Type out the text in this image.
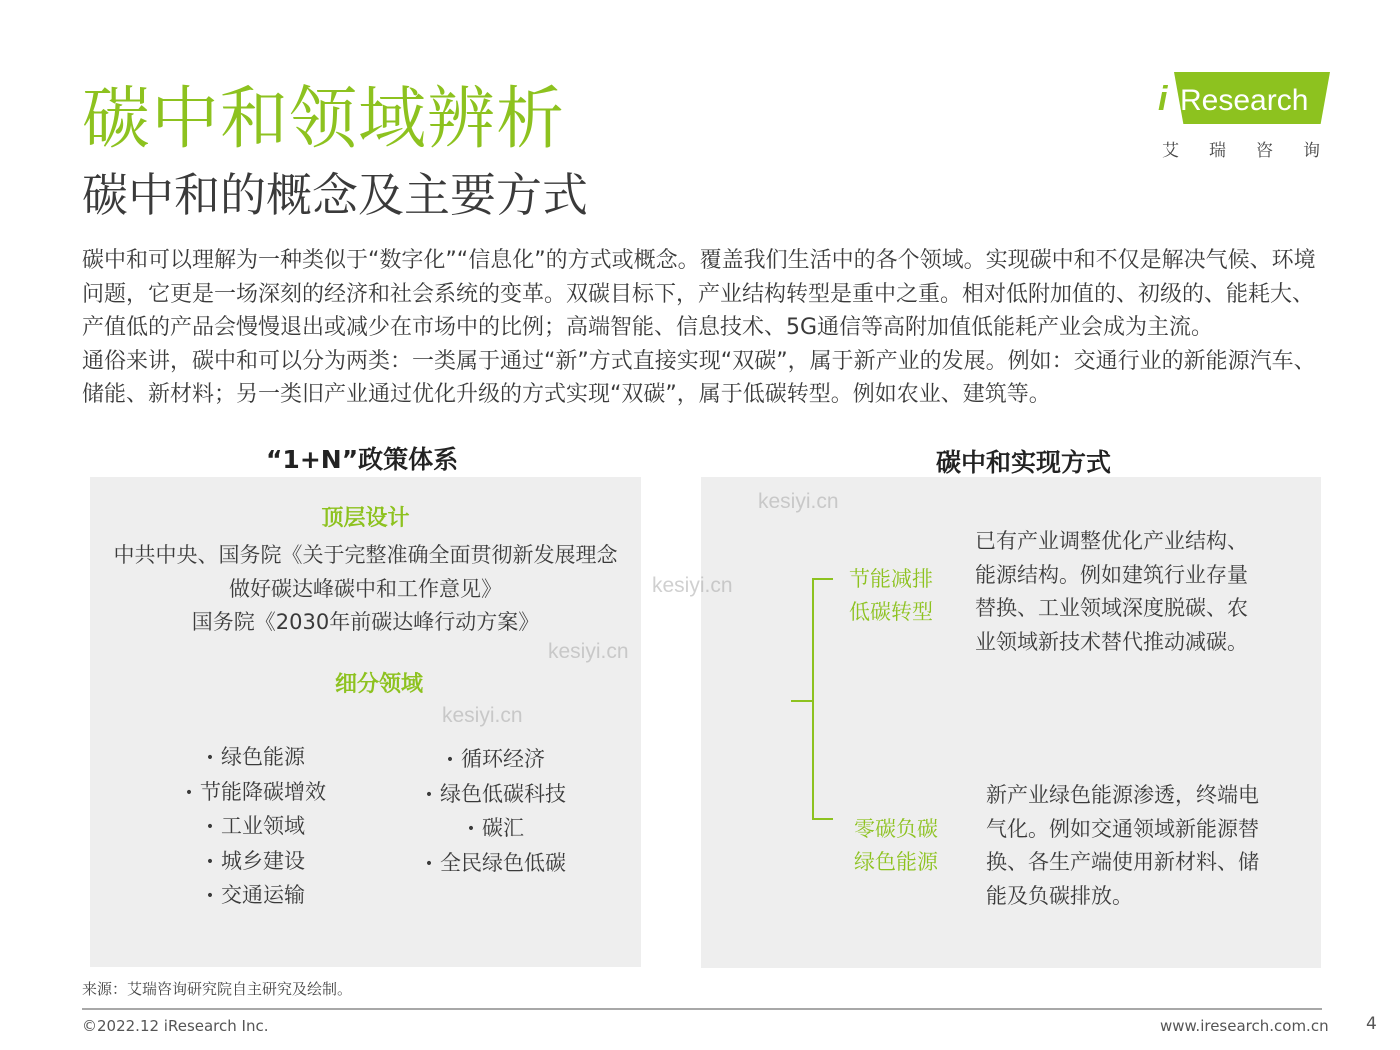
碳中和领域辨析
碳中和的概念及主要方式
i Research
艾瑞咨询

碳中和可以理解为一种类似于“数字化”“信息化”的方式或概念。覆盖我们生活中的各个领域。实现碳中和不仅是解决气候、环境问题，它更是一场深刻的经济和社会系统的变革。双碳目标下，产业结构转型是重中之重。相对低附加值的、初级的、能耗大、产值低的产品会慢慢退出或减少在市场中的比例；高端智能、信息技术、5G通信等高附加值低能耗产业会成为主流。

通俗来讲，碳中和可以分为两类：一类属于通过“新”方式直接实现“双碳”，属于新产业的发展。例如：交通行业的新能源汽车、储能、新材料；另一类旧产业通过优化升级的方式实现“双碳”，属于低碳转型。例如农业、建筑等。

“1+N”政策体系	碳中和实现方式
顶层设计
中共中央、国务院《关于完整准确全面贯彻新发展理念
做好碳达峰碳中和工作意见》
国务院《2030年前碳达峰行动方案》
细分领域
• 绿色能源
• 节能降碳增效
• 工业领域
• 城乡建设
• 交通运输
• 循环经济
• 绿色低碳科技
• 碳汇
• 全民绿色低碳
节能减排
低碳转型
已有产业调整优化产业结构、能源结构。例如建筑行业存量替换、工业领域深度脱碳、农业领域新技术替代推动减碳。
零碳负碳
绿色能源
新产业绿色能源渗透，终端电气化。例如交通领域新能源替换、各生产端使用新材料、储能及负碳排放。
kesiyi.cn
kesiyi.cn
kesiyi.cn
kesiyi.cn
来源：艾瑞咨询研究院自主研究及绘制。
©2022.12 iResearch Inc.	www.iresearch.com.cn 4
